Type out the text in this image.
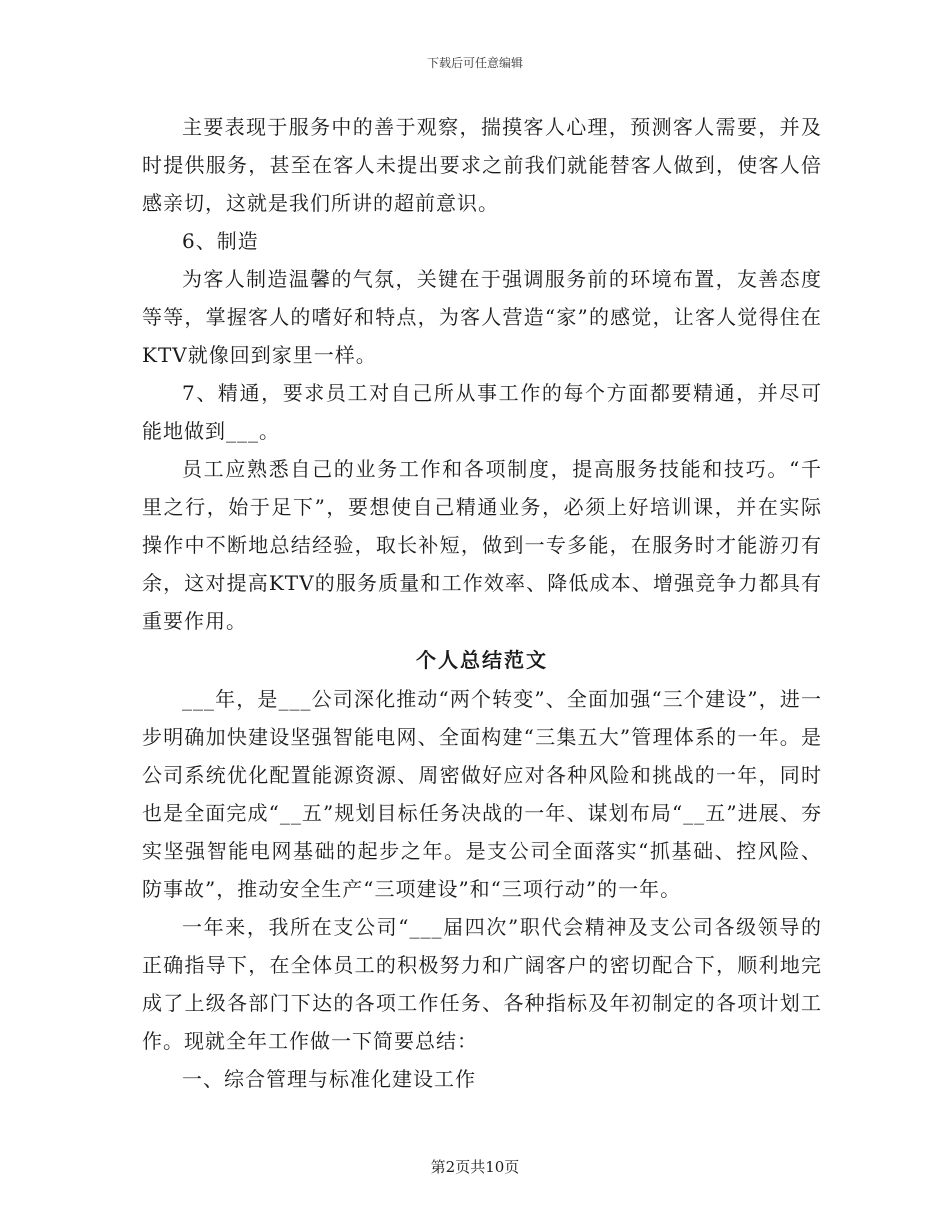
下载后可任意编辑

主要表现于服务中的善于观察，揣摸客人心理，预测客人需要，并及时提供服务，甚至在客人未提出要求之前我们就能替客人做到，使客人倍感亲切，这就是我们所讲的超前意识。

6、制造

为客人制造温馨的气氛，关键在于强调服务前的环境布置，友善态度等等，掌握客人的嗜好和特点，为客人营造“家”的感觉，让客人觉得住在KTV就像回到家里一样。

7、精通，要求员工对自己所从事工作的每个方面都要精通，并尽可能地做到___。

员工应熟悉自己的业务工作和各项制度，提高服务技能和技巧。“千里之行，始于足下”，要想使自己精通业务，必须上好培训课，并在实际操作中不断地总结经验，取长补短，做到一专多能，在服务时才能游刃有余，这对提高KTV的服务质量和工作效率、降低成本、增强竞争力都具有重要作用。

个人总结范文

___年，是___公司深化推动“两个转变”、全面加强“三个建设”，进一步明确加快建设坚强智能电网、全面构建“三集五大”管理体系的一年。是公司系统优化配置能源资源、周密做好应对各种风险和挑战的一年，同时也是全面完成“__五”规划目标任务决战的一年、谋划布局“__五”进展、夯实坚强智能电网基础的起步之年。是支公司全面落实“抓基础、控风险、防事故”，推动安全生产“三项建设”和“三项行动”的一年。

一年来，我所在支公司“___届四次”职代会精神及支公司各级领导的正确指导下，在全体员工的积极努力和广阔客户的密切配合下，顺利地完成了上级各部门下达的各项工作任务、各种指标及年初制定的各项计划工作。现就全年工作做一下简要总结：

一、综合管理与标准化建设工作

第2页共10页
